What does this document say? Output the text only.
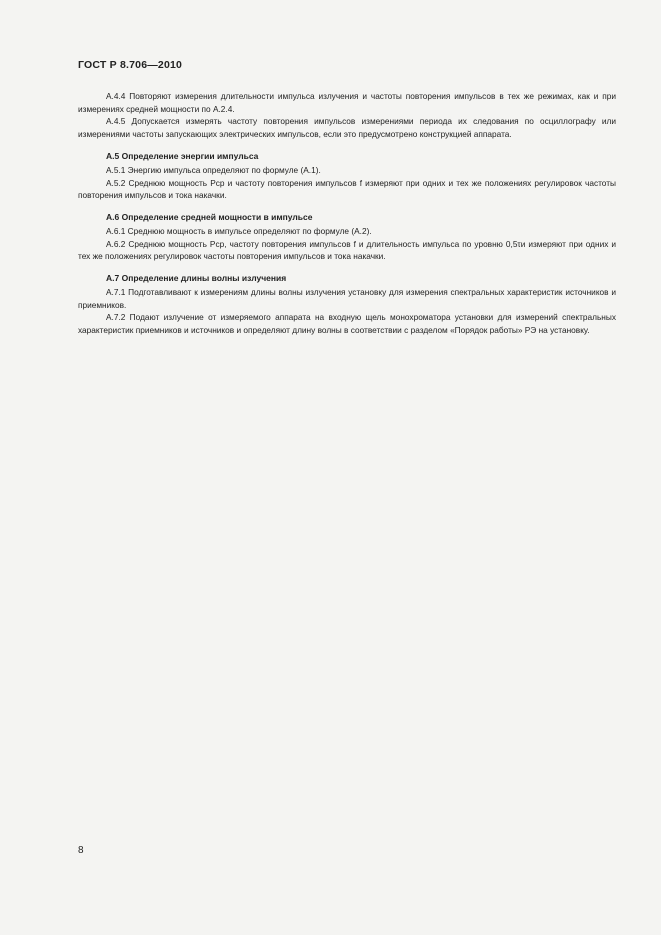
ГОСТ Р 8.706—2010

А.4.4 Повторяют измерения длительности импульса излучения и частоты повторения импульсов в тех же режимах, как и при измерениях средней мощности по А.2.4.

А.4.5 Допускается измерять частоту повторения импульсов измерениями периода их следования по осциллографу или измерениями частоты запускающих электрических импульсов, если это предусмотрено конструкцией аппарата.

А.5 Определение энергии импульса

А.5.1 Энергию импульса определяют по формуле (А.1).

А.5.2 Среднюю мощность Pср и частоту повторения импульсов f измеряют при одних и тех же положениях регулировок частоты повторения импульсов и тока накачки.

А.6 Определение средней мощности в импульсе

А.6.1 Среднюю мощность в импульсе определяют по формуле (А.2).

А.6.2 Среднюю мощность Pср, частоту повторения импульсов f и длительность импульса по уровню 0,5τи измеряют при одних и тех же положениях регулировок частоты повторения импульсов и тока накачки.

А.7 Определение длины волны излучения

А.7.1 Подготавливают к измерениям длины волны излучения установку для измерения спектральных характеристик источников и приемников.

А.7.2 Подают излучение от измеряемого аппарата на входную щель монохроматора установки для измерений спектральных характеристик приемников и источников и определяют длину волны в соответствии с разделом «Порядок работы» РЭ на установку.

8
